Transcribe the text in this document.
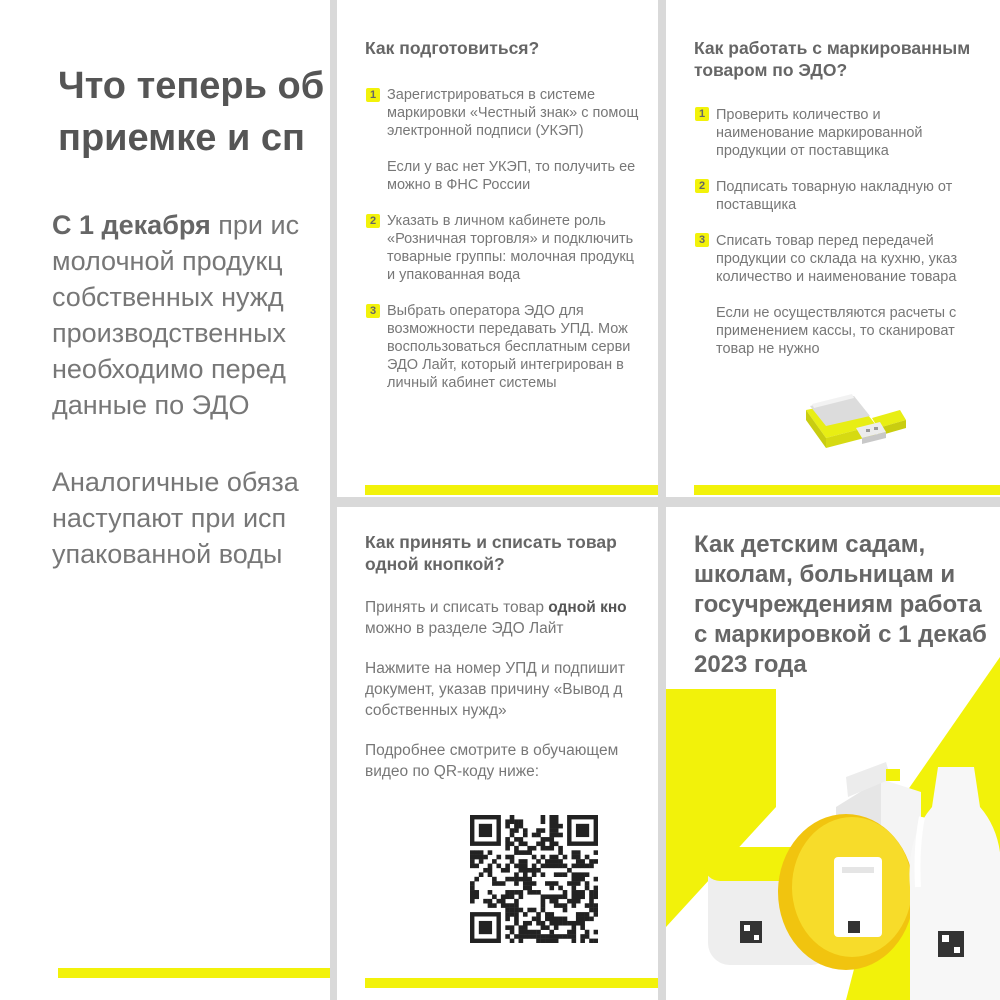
Что теперь об
приемке и сп
С 1 декабря при ис
молочной продукц
собственных нужд
производственных
необходимо перед
данные по ЭДО
Аналогичные обяза
наступают при исп
упакованной воды
Как подготовиться?
1 Зарегистрироваться в системе
маркировки «Честный знак» с помощ
электронной подписи (УКЭП)
Если у вас нет УКЭП, то получить ее
можно в ФНС России
2 Указать в личном кабинете роль
«Розничная торговля» и подключить
товарные группы: молочная продукц
и упакованная вода
3 Выбрать оператора ЭДО для
возможности передавать УПД. Мож
воспользоваться бесплатным серви
ЭДО Лайт, который интегрирован в
личный кабинет системы
Как работать с маркированным
товаром по ЭДО?
1 Проверить количество и
наименование маркированной
продукции от поставщика
2 Подписать товарную накладную от
поставщика
3 Списать товар перед передачей
продукции со склада на кухню, указ
количество и наименование товара
Если не осуществляются расчеты с
применением кассы, то сканироват
товар не нужно
Как принять и списать товар
одной кнопкой?
Принять и списать товар одной кно
можно в разделе ЭДО Лайт
Нажмите на номер УПД и подпишит
документ, указав причину «Вывод д
собственных нужд»
Подробнее смотрите в обучающем
видео по QR-коду ниже:
Как детским садам,
школам, больницам и
госучреждениям работа
с маркировкой с 1 декаб
2023 года
